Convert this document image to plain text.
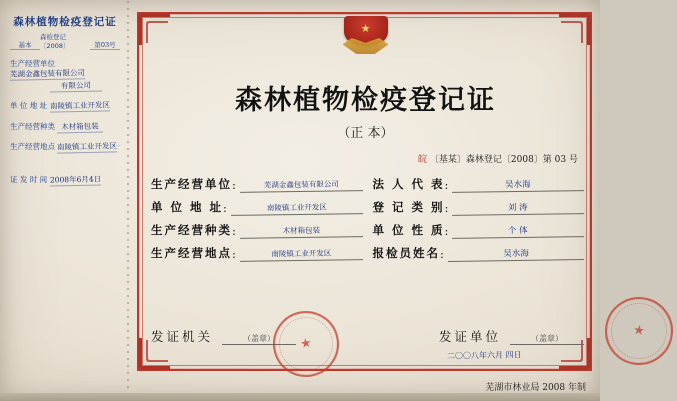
森林植物检疫登记证
基本
森检登记〔2008〕	第03号
生产经营单位 芜湖金鑫包装有限公司
有限公司
单 位 地 址 南陵镇工业开发区
生产经营种类 木材箱包装
生产经营地点 南陵镇工业开发区
证 发 时 间 2008年6月4日
★
森林植物检疫登记证
（正 本）
皖 〔基某〕森林登记〔2008〕第 03 号
生产经营单位 :	芜湖金鑫包装有限公司	法 人 代 表 :	吴水海
单 位 地 址 :	南陵镇工业开发区	登 记 类 别 :	刘 涛
生产经营种类 :	木材箱包装	单 位 性 质 :	个 体
生产经营地点 :	南陵镇工业开发区	报检员姓名 :	吴水海
发证机关	（盖章）	发证单位	（盖章）
二〇〇八年六月 四日
芜湖市林业局 2008 年制
★
★
